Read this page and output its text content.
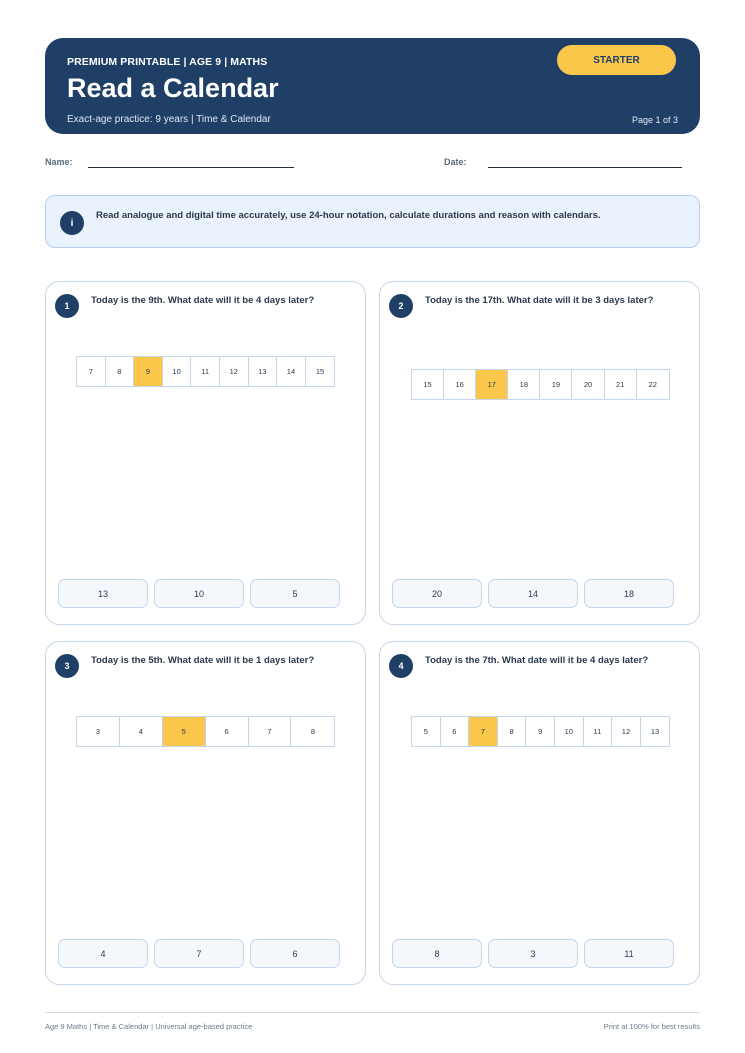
PREMIUM PRINTABLE | AGE 9 | MATHS
Read a Calendar
Exact-age practice: 9 years | Time & Calendar
STARTER
Page 1 of 3
Name:	Date:
i
Read analogue and digital time accurately, use 24-hour notation, calculate durations and reason with calendars.
1	Today is the 9th. What date will it be 4 days later?
7	8	9	10	11	12	13	14	15
13	10	5
2	Today is the 17th. What date will it be 3 days later?
15	16	17	18	19	20	21	22
20	14	18
3	Today is the 5th. What date will it be 1 days later?
3	4	5	6	7	8
4	7	6
4	Today is the 7th. What date will it be 4 days later?
5	6	7	8	9	10	11	12	13
8	3	11
Age 9 Maths | Time & Calendar | Universal age-based practice	Print at 100% for best results
